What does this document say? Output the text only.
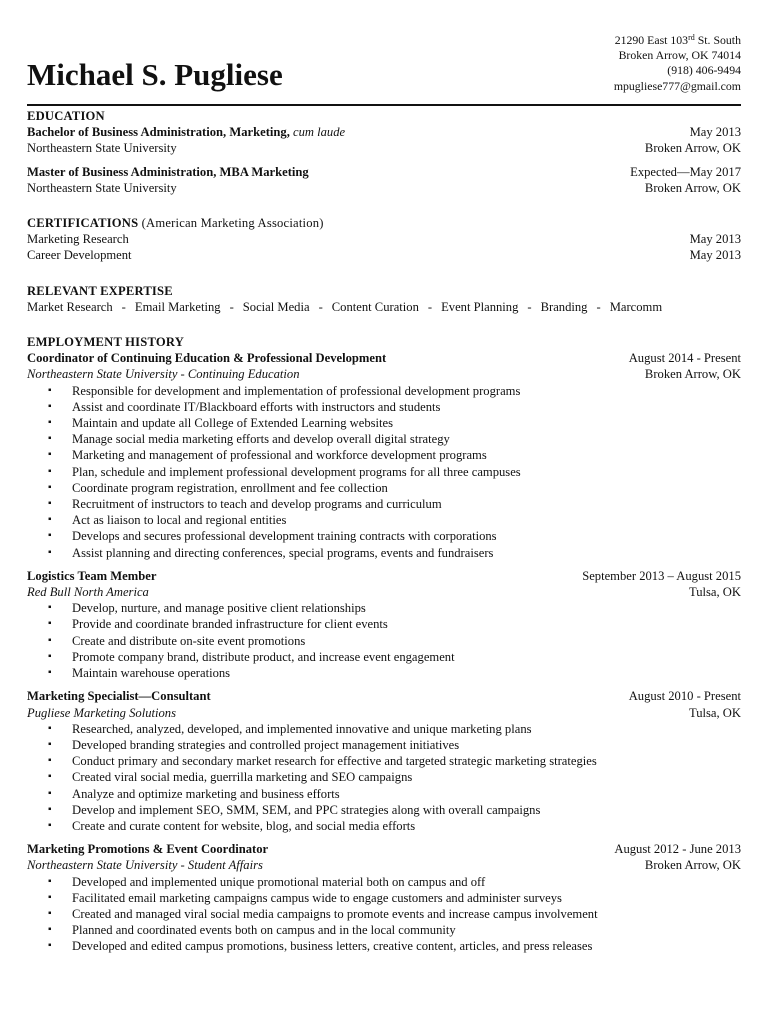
21290 East 103rd St. South
Broken Arrow, OK 74014
(918) 406-9494
mpugliese777@gmail.com
Michael S. Pugliese
EDUCATION
Bachelor of Business Administration, Marketing, cum laude	May 2013
Northeastern State University	Broken Arrow, OK
Master of Business Administration, MBA Marketing	Expected—May 2017
Northeastern State University	Broken Arrow, OK
CERTIFICATIONS (American Marketing Association)
Marketing Research	May 2013
Career Development	May 2013
RELEVANT EXPERTISE
Market Research - Email Marketing - Social Media - Content Curation - Event Planning - Branding - Marcomm
EMPLOYMENT HISTORY
Coordinator of Continuing Education & Professional Development	August 2014 - Present
Northeastern State University - Continuing Education	Broken Arrow, OK
▪ Responsible for development and implementation of professional development programs
▪ Assist and coordinate IT/Blackboard efforts with instructors and students
▪ Maintain and update all College of Extended Learning websites
▪ Manage social media marketing efforts and develop overall digital strategy
▪ Marketing and management of professional and workforce development programs
▪ Plan, schedule and implement professional development programs for all three campuses
▪ Coordinate program registration, enrollment and fee collection
▪ Recruitment of instructors to teach and develop programs and curriculum
▪ Act as liaison to local and regional entities
▪ Develops and secures professional development training contracts with corporations
▪ Assist planning and directing conferences, special programs, events and fundraisers
Logistics Team Member	September 2013 – August 2015
Red Bull North America	Tulsa, OK
▪ Develop, nurture, and manage positive client relationships
▪ Provide and coordinate branded infrastructure for client events
▪ Create and distribute on-site event promotions
▪ Promote company brand, distribute product, and increase event engagement
▪ Maintain warehouse operations
Marketing Specialist—Consultant	August 2010 - Present
Pugliese Marketing Solutions	Tulsa, OK
▪ Researched, analyzed, developed, and implemented innovative and unique marketing plans
▪ Developed branding strategies and controlled project management initiatives
▪ Conduct primary and secondary market research for effective and targeted strategic marketing strategies
▪ Created viral social media, guerrilla marketing and SEO campaigns
▪ Analyze and optimize marketing and business efforts
▪ Develop and implement SEO, SMM, SEM, and PPC strategies along with overall campaigns
▪ Create and curate content for website, blog, and social media efforts
Marketing Promotions & Event Coordinator	August 2012 - June 2013
Northeastern State University - Student Affairs	Broken Arrow, OK
▪ Developed and implemented unique promotional material both on campus and off
▪ Facilitated email marketing campaigns campus wide to engage customers and administer surveys
▪ Created and managed viral social media campaigns to promote events and increase campus involvement
▪ Planned and coordinated events both on campus and in the local community
▪ Developed and edited campus promotions, business letters, creative content, articles, and press releases
